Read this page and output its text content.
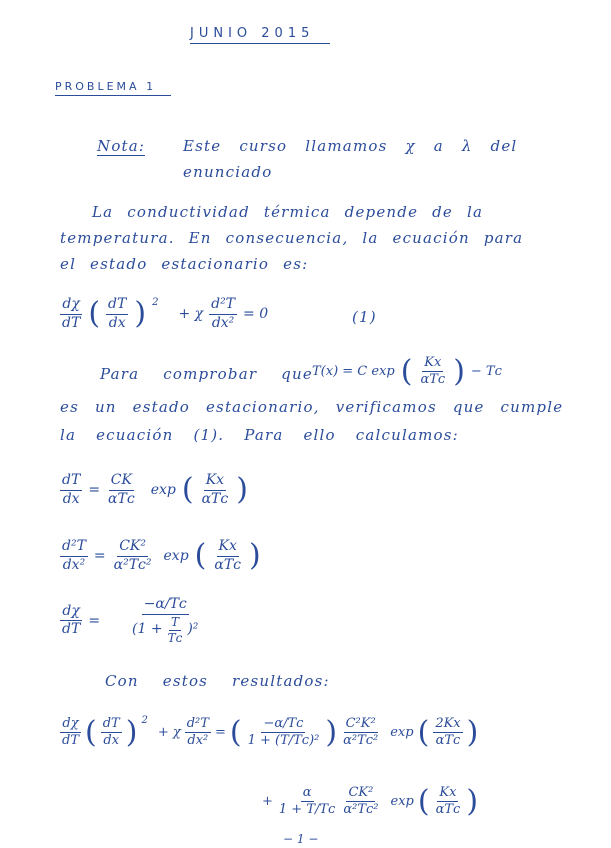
JUNIO 2015
PROBLEMA 1
Nota:	Este curso llamamos χ a λ del
enunciado
La conductividad térmica depende de la
temperatura. En consecuencia, la ecuación para
el estado estacionario es:
$\frac{d\chi}{dT}$ ( $\frac{dT}{dx}$ ) 2
+ χ $\frac{\text{d²T}}{\text{dx²}} = 0$	(1)
Para comprobar que T(x) = C exp ( $\frac{Kx}{\text{αTᴄ}}$ ) − Tᴄ
es un estado estacionario, verificamos que cumple
la ecuación (1). Para ello calculamos:
$\frac{dT}{dx} = \frac{CK}{\text{αTᴄ}}$ exp ( $\frac{Kx}{\text{αTᴄ}}$ )
$\frac{\text{d²T}}{\text{dx²}} = \frac{\text{CK²}}{\text{α²Tᴄ²}}$ exp ( $\frac{Kx}{\text{αTᴄ}}$ )
$\frac{d\chi}{dT} = \frac{\text{−α/Tᴄ}}{(1 + \frac{T}{\text{Tᴄ}} )^2}$
Con estos resultados:
$\frac{d\chi}{dT}$ ( $\frac{dT}{dx}$ ) 2
+ χ $\frac{\text{d²T}}{\text{dx²}}$ = ( $\frac{\text{−α/Tᴄ}}{\text{1 + (T/Tᴄ)²}}$ ) $\frac{\text{C²K²}}{\text{α²Tᴄ²}}$ exp ( $\frac{2Kx}{\text{αTᴄ}}$ )
+ $\frac{\alpha}{\text{1 + T/Tᴄ}} \frac{\text{CK²}}{\text{α²Tᴄ²}}$ exp ( $\frac{Kx}{\text{αTᴄ}}$ )
− 1 −
